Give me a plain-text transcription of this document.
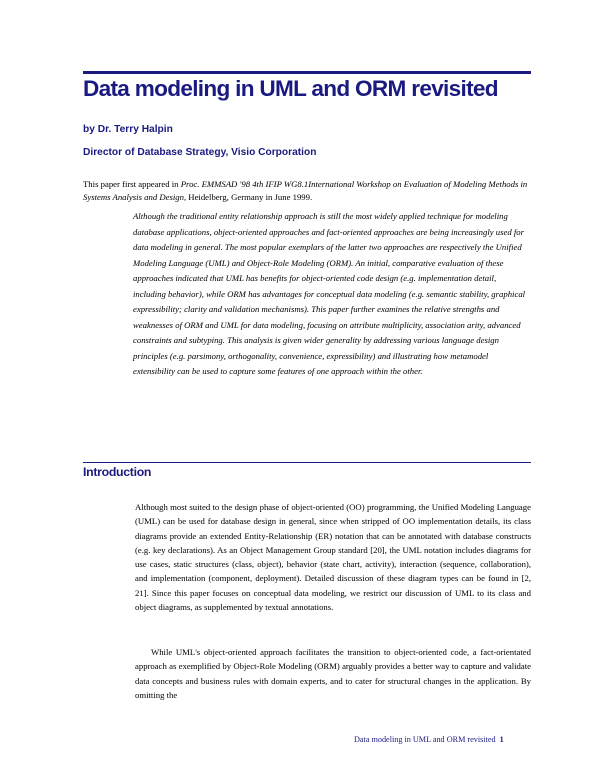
Data modeling in UML and ORM revisited

by Dr. Terry Halpin

Director of Database Strategy, Visio Corporation

This paper first appeared in Proc. EMMSAD '98 4th IFIP WG8.1International Workshop on Evaluation of Modeling Methods in Systems Analysis and Design, Heidelberg, Germany in June 1999.

Although the traditional entity relationship approach is still the most widely applied technique for modeling database applications, object-oriented approaches and fact-oriented approaches are being increasingly used for data modeling in general. The most popular exemplars of the latter two approaches are respectively the Unified Modeling Language (UML) and Object-Role Modeling (ORM). An initial, comparative evaluation of these approaches indicated that UML has benefits for object-oriented code design (e.g. implementation detail, including behavior), while ORM has advantages for conceptual data modeling (e.g. semantic stability, graphical expressibility; clarity and validation mechanisms). This paper further examines the relative strengths and weaknesses of ORM and UML for data modeling, focusing on attribute multiplicity, association arity, advanced constraints and subtyping. This analysis is given wider generality by addressing various language design principles (e.g. parsimony, orthogonality, convenience, expressibility) and illustrating how metamodel extensibility can be used to capture some features of one approach within the other.

Introduction

Although most suited to the design phase of object-oriented (OO) programming, the Unified Modeling Language (UML) can be used for database design in general, since when stripped of OO implementation details, its class diagrams provide an extended Entity-Relationship (ER) notation that can be annotated with database constructs (e.g. key declarations). As an Object Management Group standard [20], the UML notation includes diagrams for use cases, static structures (class, object), behavior (state chart, activity), interaction (sequence, collaboration), and implementation (component, deployment). Detailed discussion of these diagram types can be found in [2, 21]. Since this paper focuses on conceptual data modeling, we restrict our discussion of UML to its class and object diagrams, as supplemented by textual annotations.

While UML's object-oriented approach facilitates the transition to object-oriented code, a fact-orientated approach as exemplified by Object-Role Modeling (ORM) arguably provides a better way to capture and validate data concepts and business rules with domain experts, and to cater for structural changes in the application. By omitting the

Data modeling in UML and ORM revisited 1
